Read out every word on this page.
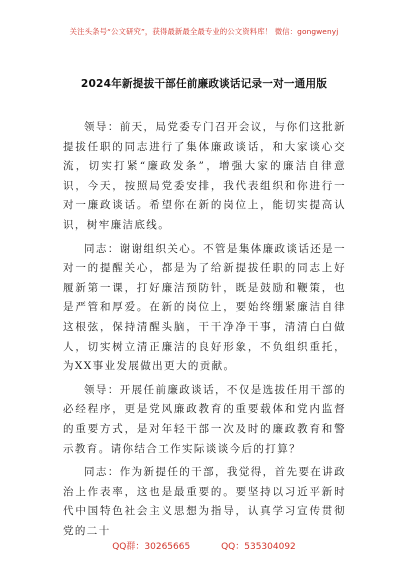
关注头条号“公文研究”，获得最新最全最专业的公文资料库！ 微信：gongwenyj
2024年新提拔干部任前廉政谈话记录一对一通用版

领导：前天，局党委专门召开会议，与你们这批新提拔任职的同志进行了集体廉政谈话，和大家谈心交流，切实打紧“廉政发条”，增强大家的廉洁自律意识，今天，按照局党委安排，我代表组织和你进行一对一廉政谈话。希望你在新的岗位上，能切实提高认识，树牢廉洁底线。

同志：谢谢组织关心。不管是集体廉政谈话还是一对一的提醒关心，都是为了给新提拔任职的同志上好履新第一课，打好廉洁预防针，既是鼓励和鞭策，也是严管和厚爱。在新的岗位上，要始终绷紧廉洁自律这根弦，保持清醒头脑，干干净净干事，清清白白做人，切实树立清正廉洁的良好形象，不负组织重托，为XX事业发展做出更大的贡献。

领导：开展任前廉政谈话，不仅是选拔任用干部的必经程序，更是党风廉政教育的重要载体和党内监督的重要方式，是对年轻干部一次及时的廉政教育和警示教育。请你结合工作实际谈谈今后的打算？

同志：作为新提任的干部，我觉得，首先要在讲政治上作表率，这也是最重要的。要坚持以习近平新时代中国特色社会主义思想为指导，认真学习宣传贯彻党的二十

QQ群：30265665	QQ：535304092
